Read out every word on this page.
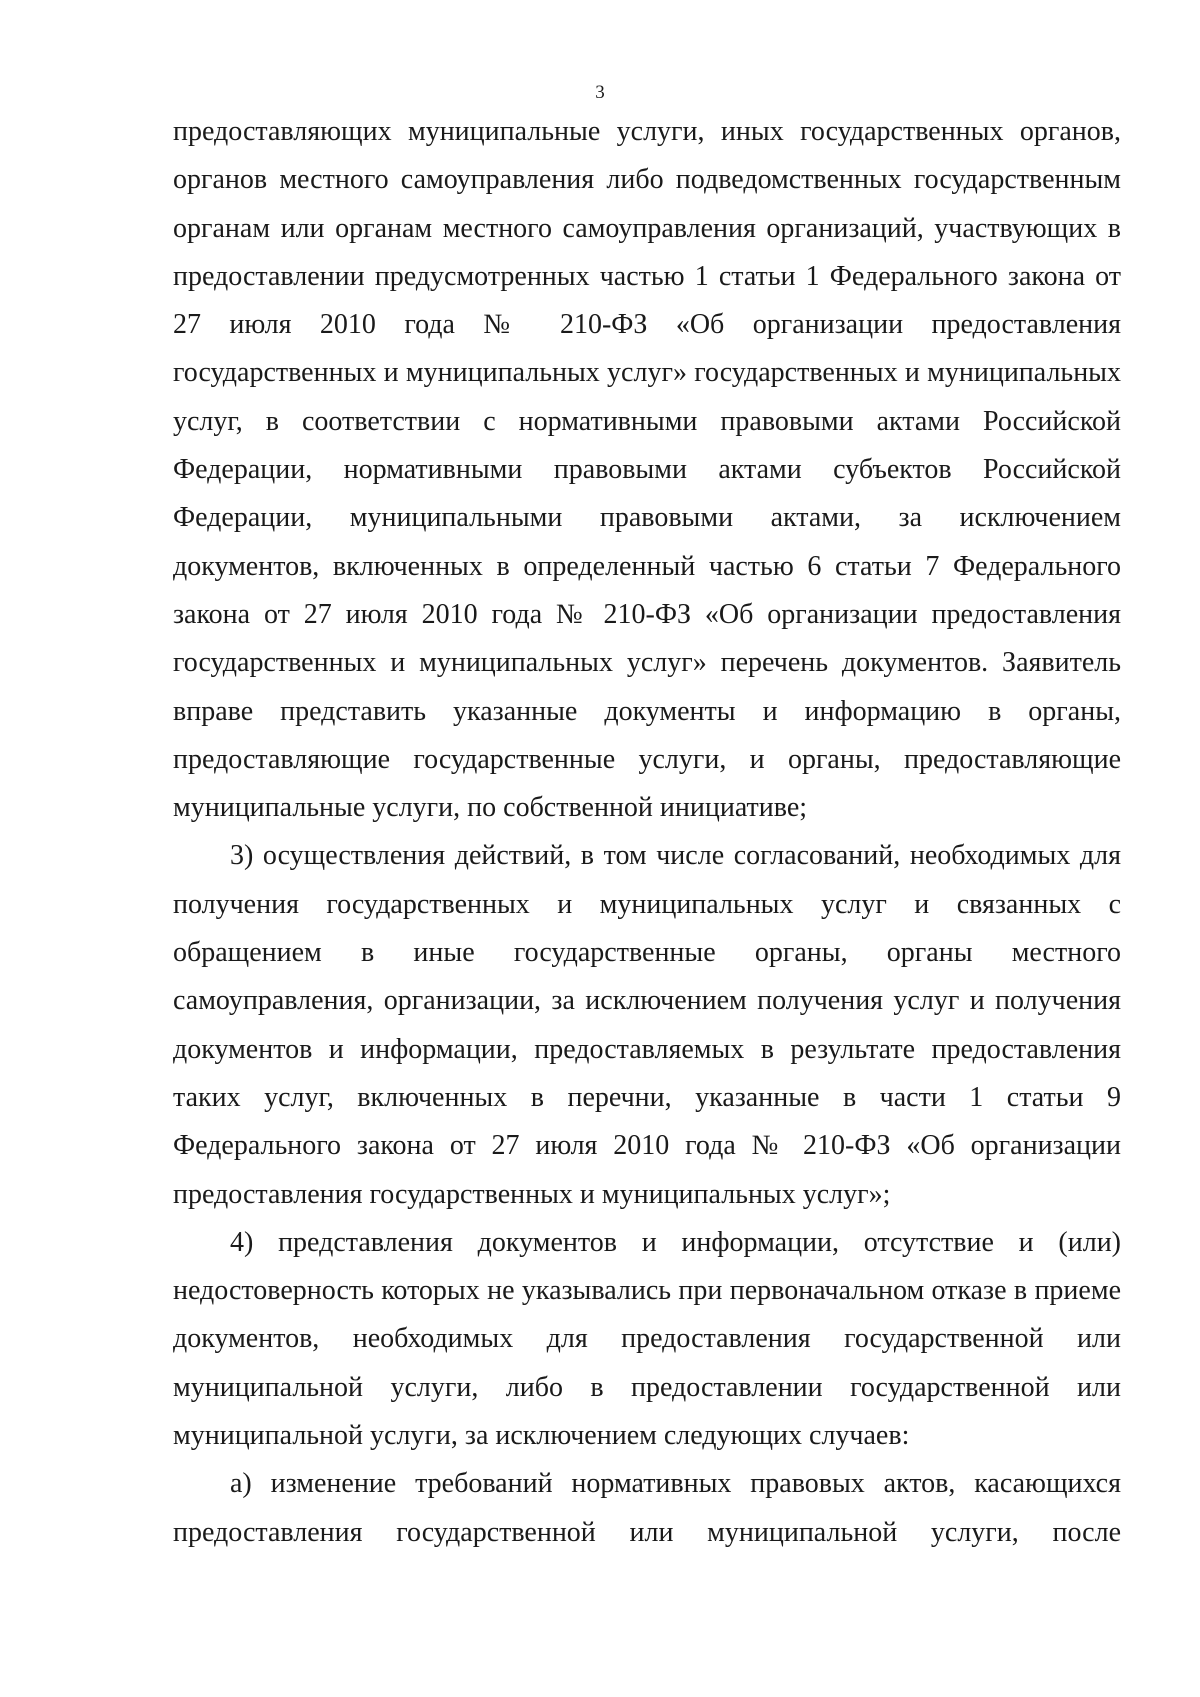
3

предоставляющих муниципальные услуги, иных государственных органов, органов местного самоуправления либо подведомственных государственным органам или органам местного самоуправления организаций, участвующих в предоставлении предусмотренных частью 1 статьи 1 Федерального закона от 27 июля 2010 года № 210-ФЗ «Об организации предоставления государственных и муниципальных услуг» государственных и муниципальных услуг, в соответствии с нормативными правовыми актами Российской Федерации, нормативными правовыми актами субъектов Российской Федерации, муниципальными правовыми актами, за исключением документов, включенных в определенный частью 6 статьи 7 Федерального закона от 27 июля 2010 года № 210-ФЗ «Об организации предоставления государственных и муниципальных услуг» перечень документов. Заявитель вправе представить указанные документы и информацию в органы, предоставляющие государственные услуги, и органы, предоставляющие муниципальные услуги, по собственной инициативе;

3) осуществления действий, в том числе согласований, необходимых для получения государственных и муниципальных услуг и связанных с обращением в иные государственные органы, органы местного самоуправления, организации, за исключением получения услуг и получения документов и информации, предоставляемых в результате предоставления таких услуг, включенных в перечни, указанные в части 1 статьи 9 Федерального закона от 27 июля 2010 года № 210-ФЗ «Об организации предоставления государственных и муниципальных услуг»;

4) представления документов и информации, отсутствие и (или) недостоверность которых не указывались при первоначальном отказе в приеме документов, необходимых для предоставления государственной или муниципальной услуги, либо в предоставлении государственной или муниципальной услуги, за исключением следующих случаев:

а) изменение требований нормативных правовых актов, касающихся предоставления государственной или муниципальной услуги, после
